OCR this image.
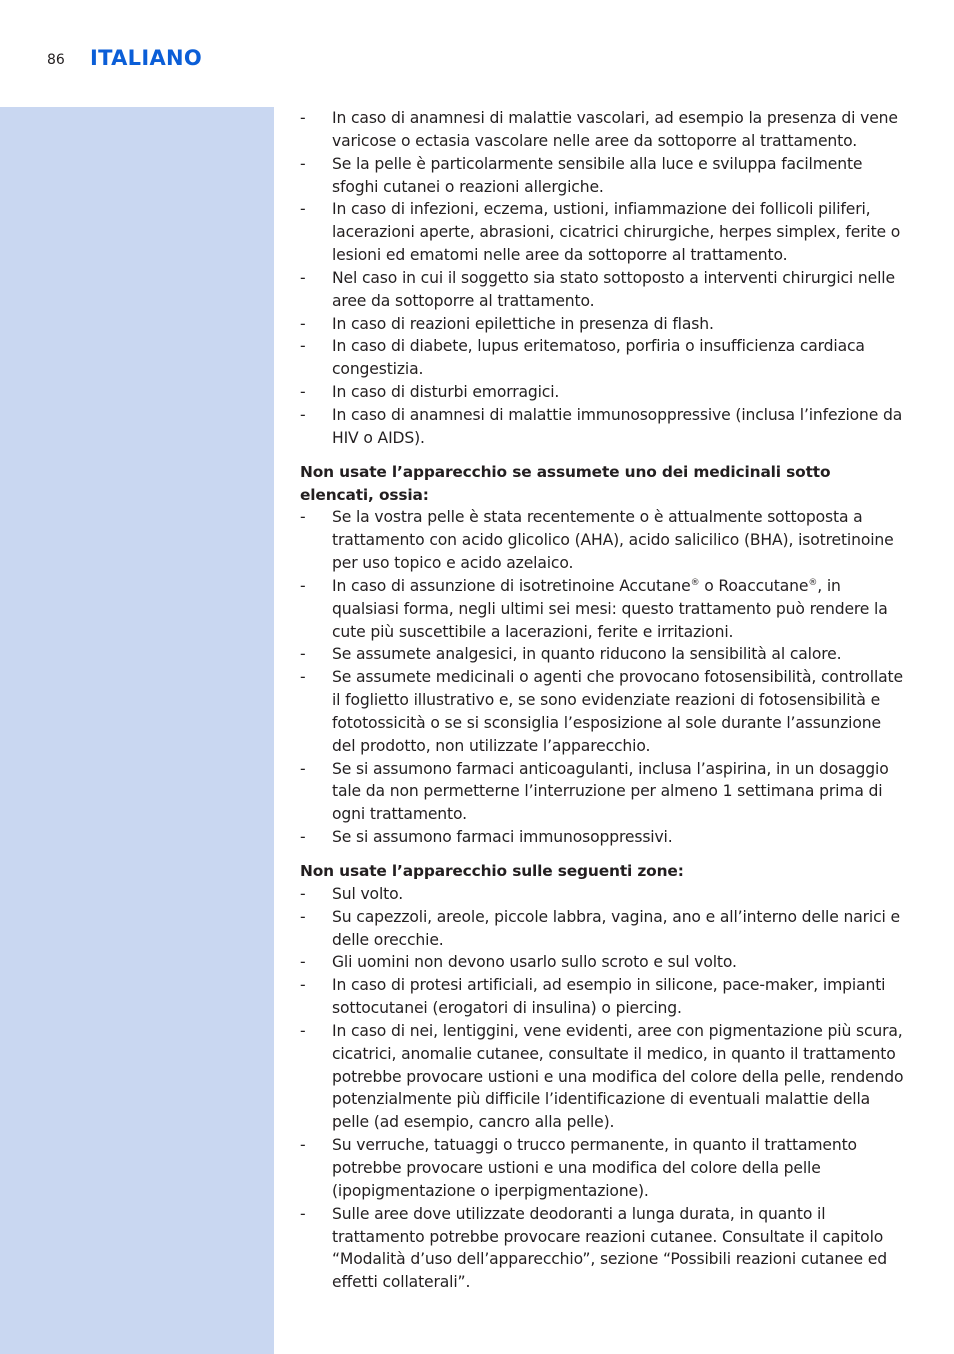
86 ITALIANO
- In caso di anamnesi di malattie vascolari, ad esempio la presenza di vene varicose o ectasia vascolare nelle aree da sottoporre al trattamento.
- Se la pelle è particolarmente sensibile alla luce e sviluppa facilmente sfoghi cutanei o reazioni allergiche.
- In caso di infezioni, eczema, ustioni, infiammazione dei follicoli piliferi, lacerazioni aperte, abrasioni, cicatrici chirurgiche, herpes simplex, ferite o lesioni ed ematomi nelle aree da sottoporre al trattamento.
- Nel caso in cui il soggetto sia stato sottoposto a interventi chirurgici nelle aree da sottoporre al trattamento.
- In caso di reazioni epilettiche in presenza di flash.
- In caso di diabete, lupus eritematoso, porfiria o insufficienza cardiaca congestizia.
- In caso di disturbi emorragici.
- In caso di anamnesi di malattie immunosoppressive (inclusa l’infezione da HIV o AIDS).
Non usate l’apparecchio se assumete uno dei medicinali sotto elencati, ossia:
- Se la vostra pelle è stata recentemente o è attualmente sottoposta a trattamento con acido glicolico (AHA), acido salicilico (BHA), isotretinoine per uso topico e acido azelaico.
- In caso di assunzione di isotretinoine Accutane® o Roaccutane®, in qualsiasi forma, negli ultimi sei mesi: questo trattamento può rendere la cute più suscettibile a lacerazioni, ferite e irritazioni.
- Se assumete analgesici, in quanto riducono la sensibilità al calore.
- Se assumete medicinali o agenti che provocano fotosensibilità, controllate il foglietto illustrativo e, se sono evidenziate reazioni di fotosensibilità e fototossicità o se si sconsiglia l’esposizione al sole durante l’assunzione del prodotto, non utilizzate l’apparecchio.
- Se si assumono farmaci anticoagulanti, inclusa l’aspirina, in un dosaggio tale da non permetterne l’interruzione per almeno 1 settimana prima di ogni trattamento.
- Se si assumono farmaci immunosoppressivi.
Non usate l’apparecchio sulle seguenti zone:
- Sul volto.
- Su capezzoli, areole, piccole labbra, vagina, ano e all’interno delle narici e delle orecchie.
- Gli uomini non devono usarlo sullo scroto e sul volto.
- In caso di protesi artificiali, ad esempio in silicone, pace-maker, impianti sottocutanei (erogatori di insulina) o piercing.
- In caso di nei, lentiggini, vene evidenti, aree con pigmentazione più scura, cicatrici, anomalie cutanee, consultate il medico, in quanto il trattamento potrebbe provocare ustioni e una modifica del colore della pelle, rendendo potenzialmente più difficile l’identificazione di eventuali malattie della pelle (ad esempio, cancro alla pelle).
- Su verruche, tatuaggi o trucco permanente, in quanto il trattamento potrebbe provocare ustioni e una modifica del colore della pelle (ipopigmentazione o iperpigmentazione).
- Sulle aree dove utilizzate deodoranti a lunga durata, in quanto il trattamento potrebbe provocare reazioni cutanee. Consultate il capitolo “Modalità d’uso dell’apparecchio”, sezione “Possibili reazioni cutanee ed effetti collaterali”.
